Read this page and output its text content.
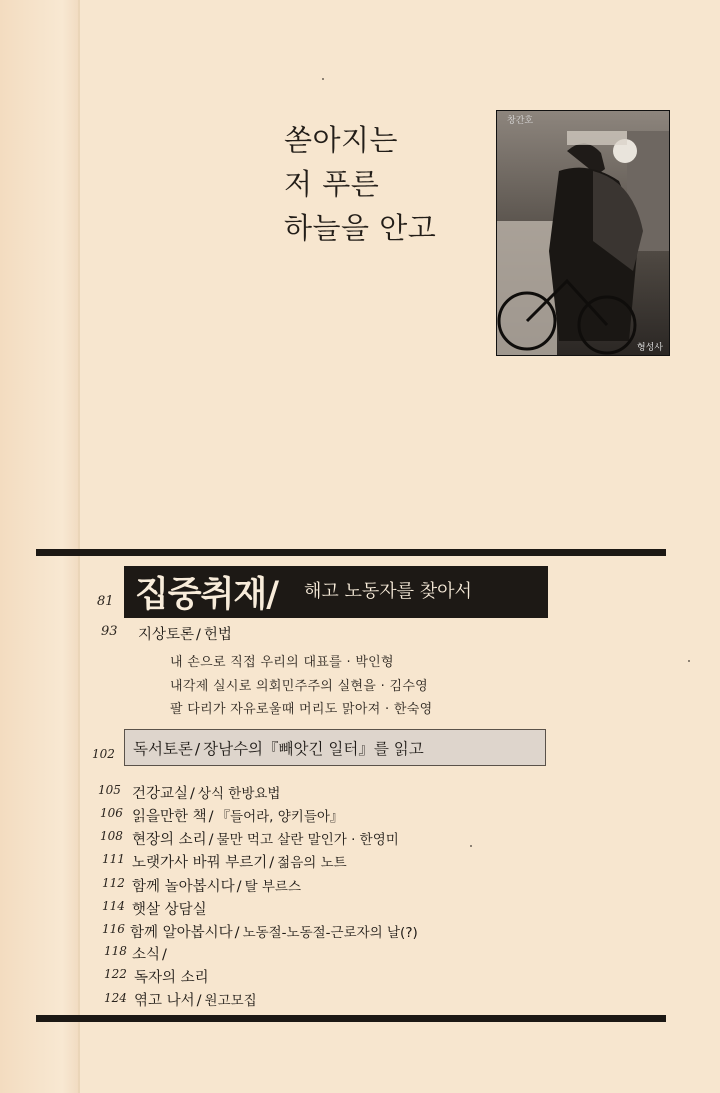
쏟아지는
저 푸른
하늘을 안고
창간호
형성사
81 집중취재/ 해고 노동자를 찾아서
93 지상토론 / 헌법
내 손으로 직접 우리의 대표를 · 박인형
내각제 실시로 의회민주주의 실현을 · 김수영
팔 다리가 자유로울때 머리도 맑아져 · 한숙영
102 독서토론 / 장남수의『빼앗긴 일터』를 읽고
105 건강교실 / 상식 한방요법
106 읽을만한 책 / 『들어라, 양키들아』
108 현장의 소리 / 물만 먹고 살란 말인가 · 한영미
111 노랫가사 바꿔 부르기 / 젊음의 노트
112 함께 놀아봅시다 / 탈 부르스
114 햇살 상담실
116 함께 알아봅시다 / 노동절-노동절-근로자의 날(?)
118 소식 /
122 독자의 소리
124 엮고 나서 / 원고모집
